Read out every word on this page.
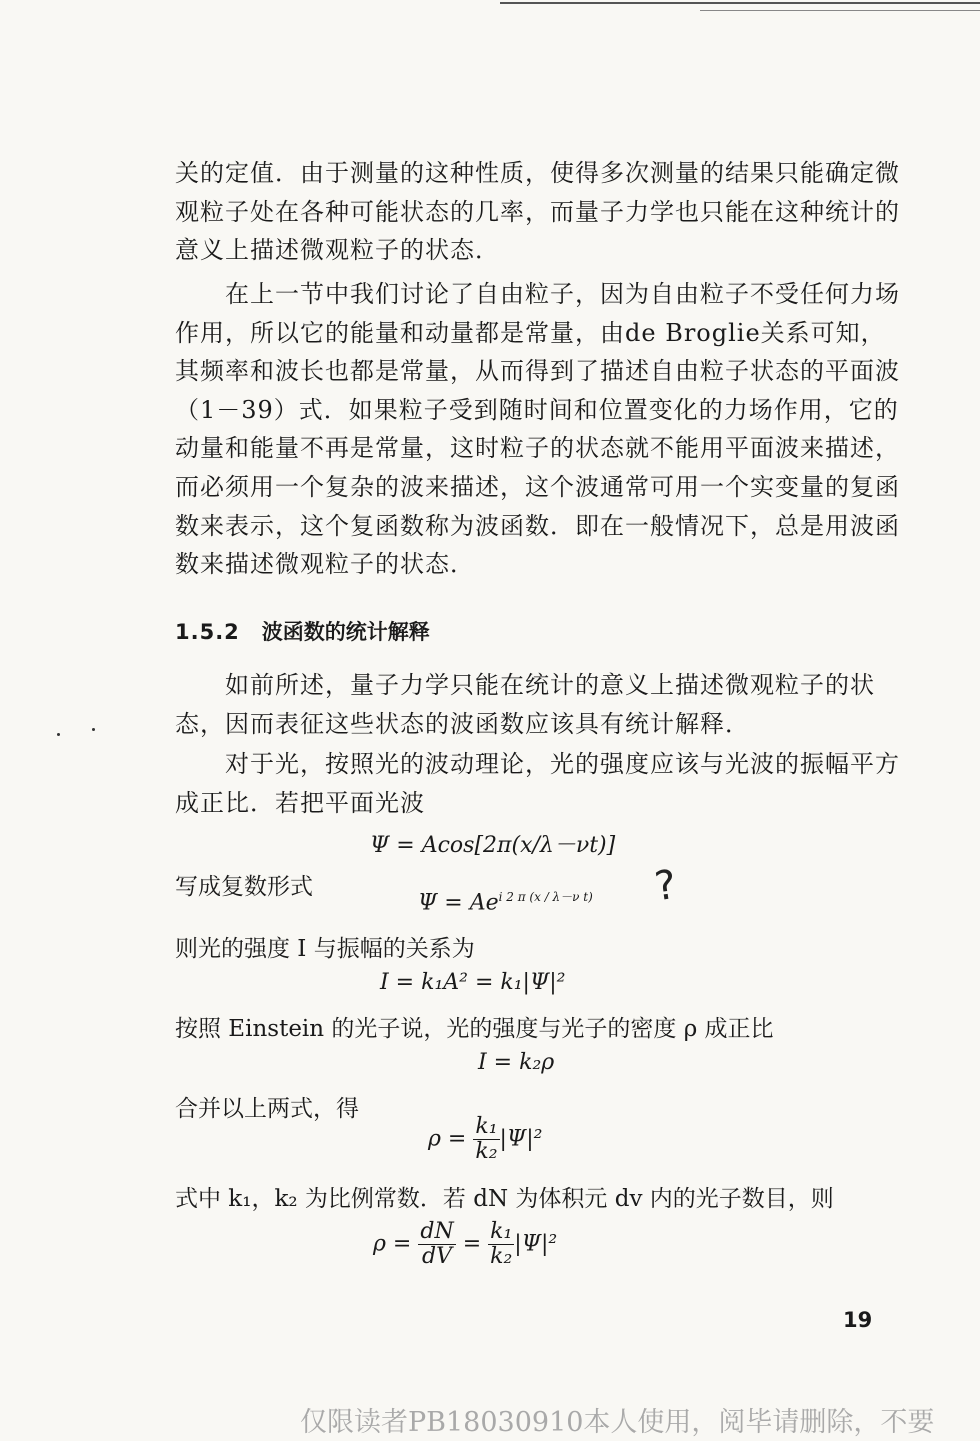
关的定值．由于测量的这种性质，使得多次测量的结果只能确定微观粒子处在各种可能状态的几率，而量子力学也只能在这种统计的意义上描述微观粒子的状态．

在上一节中我们讨论了自由粒子，因为自由粒子不受任何力场作用，所以它的能量和动量都是常量，由de Broglie关系可知，其频率和波长也都是常量，从而得到了描述自由粒子状态的平面波（1－39）式．如果粒子受到随时间和位置变化的力场作用，它的动量和能量不再是常量，这时粒子的状态就不能用平面波来描述，而必须用一个复杂的波来描述，这个波通常可用一个实变量的复函数来表示，这个复函数称为波函数．即在一般情况下，总是用波函数来描述微观粒子的状态．

1.5.2 波函数的统计解释

如前所述，量子力学只能在统计的意义上描述微观粒子的状态，因而表征这些状态的波函数应该具有统计解释．

对于光，按照光的波动理论，光的强度应该与光波的振幅平方成正比．若把平面光波

Ψ = Acos[2π(x/λ－νt)]
写成复数形式
$\Psi = Ae^{i 2 \pi (x / \lambda-\nu t)}$ ?
则光的强度 I 与振幅的关系为
I = k₁A² = k₁|Ψ|²
按照 Einstein 的光子说，光的强度与光子的密度 ρ 成正比
I = k₂ρ
合并以上两式，得
$\rho = \frac{\text{k₁}}{\text{k₂}} |\Psi|^2$
式中 k₁，k₂ 为比例常数．若 dN 为体积元 dv 内的光子数目，则
$\rho = \frac{dN}{dV} = \frac{\text{k₁}}{\text{k₂}} |\Psi|^2$
19
仅限读者PB18030910本人使用，阅毕请删除，不要
